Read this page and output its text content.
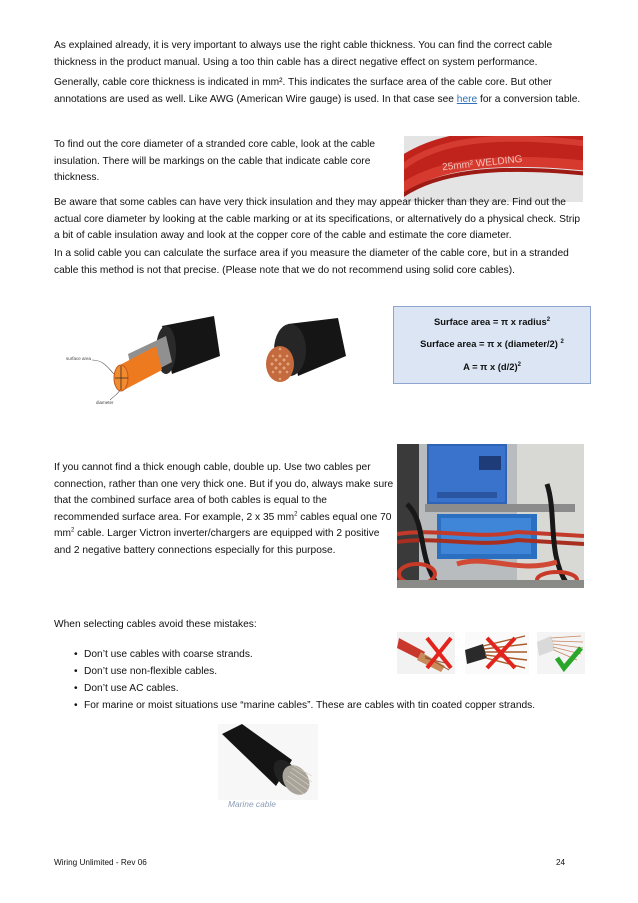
As explained already, it is very important to always use the right cable thickness. You can find the correct cable thickness in the product manual. Using a too thin cable has a direct negative effect on system performance.

Generally, cable core thickness is indicated in mm². This indicates the surface area of the cable core. But other annotations are used as well. Like AWG (American Wire gauge) is used. In that case see here for a conversion table.

To find out the core diameter of a stranded core cable, look at the cable insulation. There will be markings on the cable that indicate cable core thickness.

25mm² WELDING

Be aware that some cables can have very thick insulation and they may appear thicker than they are. Find out the actual core diameter by looking at the cable marking or at its specifications, or alternatively do a physical check. Strip a bit of cable insulation away and look at the copper core of the cable and estimate the core diameter.

In a solid cable you can calculate the surface area if you measure the diameter of the cable core, but in a stranded cable this method is not that precise. (Please note that we do not recommend using solid core cables).

surface area
diameter
Surface area = π x radius$^2$
Surface area = π x (diameter/2) $^2$
A = π x $(d/2)^2$

If you cannot find a thick enough cable, double up. Use two cables per connection, rather than one very thick one. But if you do, always make sure that the combined surface area of both cables is equal to the recommended surface area. For example, 2 x 35 $mm^2$ cables equal one 70 $mm^2$ cable. Larger Victron inverter/chargers are equipped with 2 positive and 2 negative battery connections especially for this purpose.

When selecting cables avoid these mistakes:

• Don’t use cables with coarse strands.
• Don’t use non-flexible cables.
• Don’t use AC cables.
• For marine or moist situations use “marine cables”. These are cables with tin coated copper strands.
Marine cable
Wiring Unlimited - Rev 06	24
